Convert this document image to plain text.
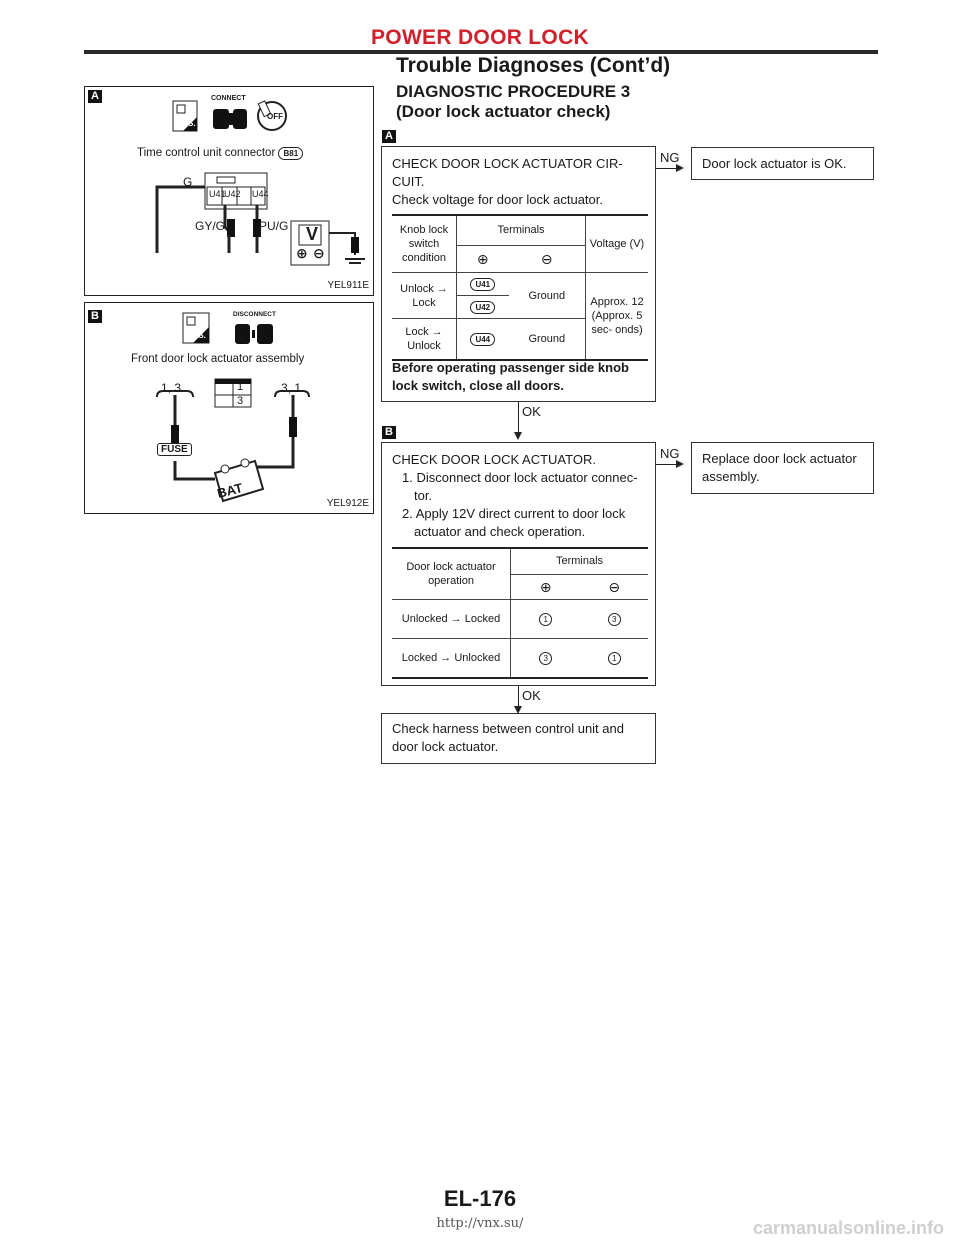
POWER DOOR LOCK
Trouble Diagnoses (Cont’d)
DIAGNOSTIC PROCEDURE 3
(Door lock actuator check)
A
H.S.
CONNECT
OFF
Time control unit connector B81
U41
U42 U44
G
GY/G	PU/G V
⊕ ⊖
YEL911E
B
T.S.
DISCONNECT
Front door lock actuator assembly
1, 3	3, 1
1
3
FUSE
BAT
YEL912E
A
CHECK DOOR LOCK ACTUATOR CIR-
CUIT.
Check voltage for door lock actuator.
Knob lock switch condition	Terminals		Voltage (V)
	⊕	⊖	
Unlock → Lock	U41	Ground	Approx. 12 (Approx. 5 sec- onds)
	U42		
Lock → Unlock	U44	Ground	
Before operating passenger side knob lock switch, close all doors.
NG	Door lock actuator is OK.
OK
B
CHECK DOOR LOCK ACTUATOR.
1. Disconnect door lock actuator connec- tor.
2. Apply 12V direct current to door lock actuator and check operation.
Door lock actuator operation	Terminals	
	⊕	⊖
Unlocked → Locked	1	3
Locked → Unlocked	3	1
NG	Replace door lock actuator assembly.
OK
Check harness between control unit and door lock actuator.
EL-176
http://vnx.su/	carmanualsonline.info
